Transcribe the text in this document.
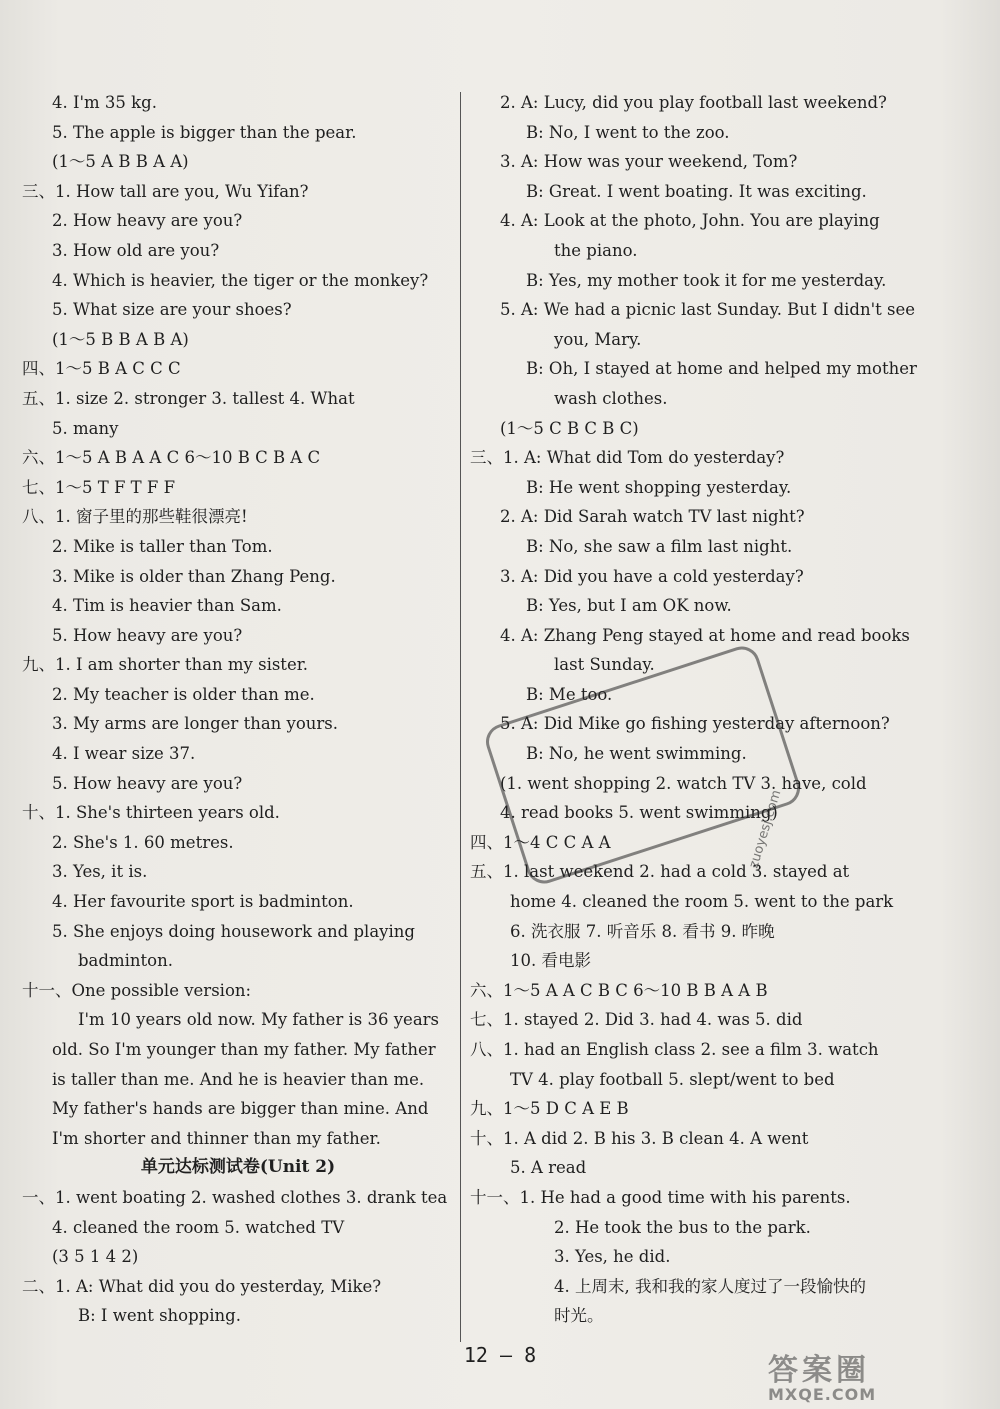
4. I'm 35 kg.
5. The apple is bigger than the pear.
(1～5 A B B A A)
三、1. How tall are you, Wu Yifan?
2. How heavy are you?
3. How old are you?
4. Which is heavier, the tiger or the monkey?
5. What size are your shoes?
(1～5 B B A B A)
四、1～5 B A C C C
五、1. size 2. stronger 3. tallest 4. What
5. many
六、1～5 A B A A C 6～10 B C B A C
七、1～5 T F T F F
八、1. 窗子里的那些鞋很漂亮!
2. Mike is taller than Tom.
3. Mike is older than Zhang Peng.
4. Tim is heavier than Sam.
5. How heavy are you?
九、1. I am shorter than my sister.
2. My teacher is older than me.
3. My arms are longer than yours.
4. I wear size 37.
5. How heavy are you?
十、1. She's thirteen years old.
2. She's 1. 60 metres.
3. Yes, it is.
4. Her favourite sport is badminton.
5. She enjoys doing housework and playing
badminton.
十一、One possible version:
I'm 10 years old now. My father is 36 years
old. So I'm younger than my father. My father
is taller than me. And he is heavier than me.
My father's hands are bigger than mine. And
I'm shorter and thinner than my father.
单元达标测试卷(Unit 2)
一、1. went boating 2. washed clothes 3. drank tea
4. cleaned the room 5. watched TV
(3 5 1 4 2)
二、1. A: What did you do yesterday, Mike?
B: I went shopping.
2. A: Lucy, did you play football last weekend?
B: No, I went to the zoo.
3. A: How was your weekend, Tom?
B: Great. I went boating. It was exciting.
4. A: Look at the photo, John. You are playing
the piano.
B: Yes, my mother took it for me yesterday.
5. A: We had a picnic last Sunday. But I didn't see
you, Mary.
B: Oh, I stayed at home and helped my mother
wash clothes.
(1～5 C B C B C)
三、1. A: What did Tom do yesterday?
B: He went shopping yesterday.
2. A: Did Sarah watch TV last night?
B: No, she saw a film last night.
3. A: Did you have a cold yesterday?
B: Yes, but I am OK now.
4. A: Zhang Peng stayed at home and read books
last Sunday.
B: Me too.
5. A: Did Mike go fishing yesterday afternoon?
B: No, he went swimming.
(1. went shopping 2. watch TV 3. have, cold
4. read books 5. went swimming)
四、1～4 C C A A
五、1. last weekend 2. had a cold 3. stayed at
home 4. cleaned the room 5. went to the park
6. 洗衣服 7. 听音乐 8. 看书 9. 昨晚
10. 看电影
六、1～5 A A C B C 6～10 B B A A B
七、1. stayed 2. Did 3. had 4. was 5. did
八、1. had an English class 2. see a film 3. watch
TV 4. play football 5. slept/went to bed
九、1～5 D C A E B
十、1. A did 2. B his 3. B clean 4. A went
5. A read
十一、1. He had a good time with his parents.
2. He took the bus to the park.
3. Yes, he did.
4. 上周末, 我和我的家人度过了一段愉快的
时光。
zuoyesj.com
12 — 8	答案圈
MXQE.COM
